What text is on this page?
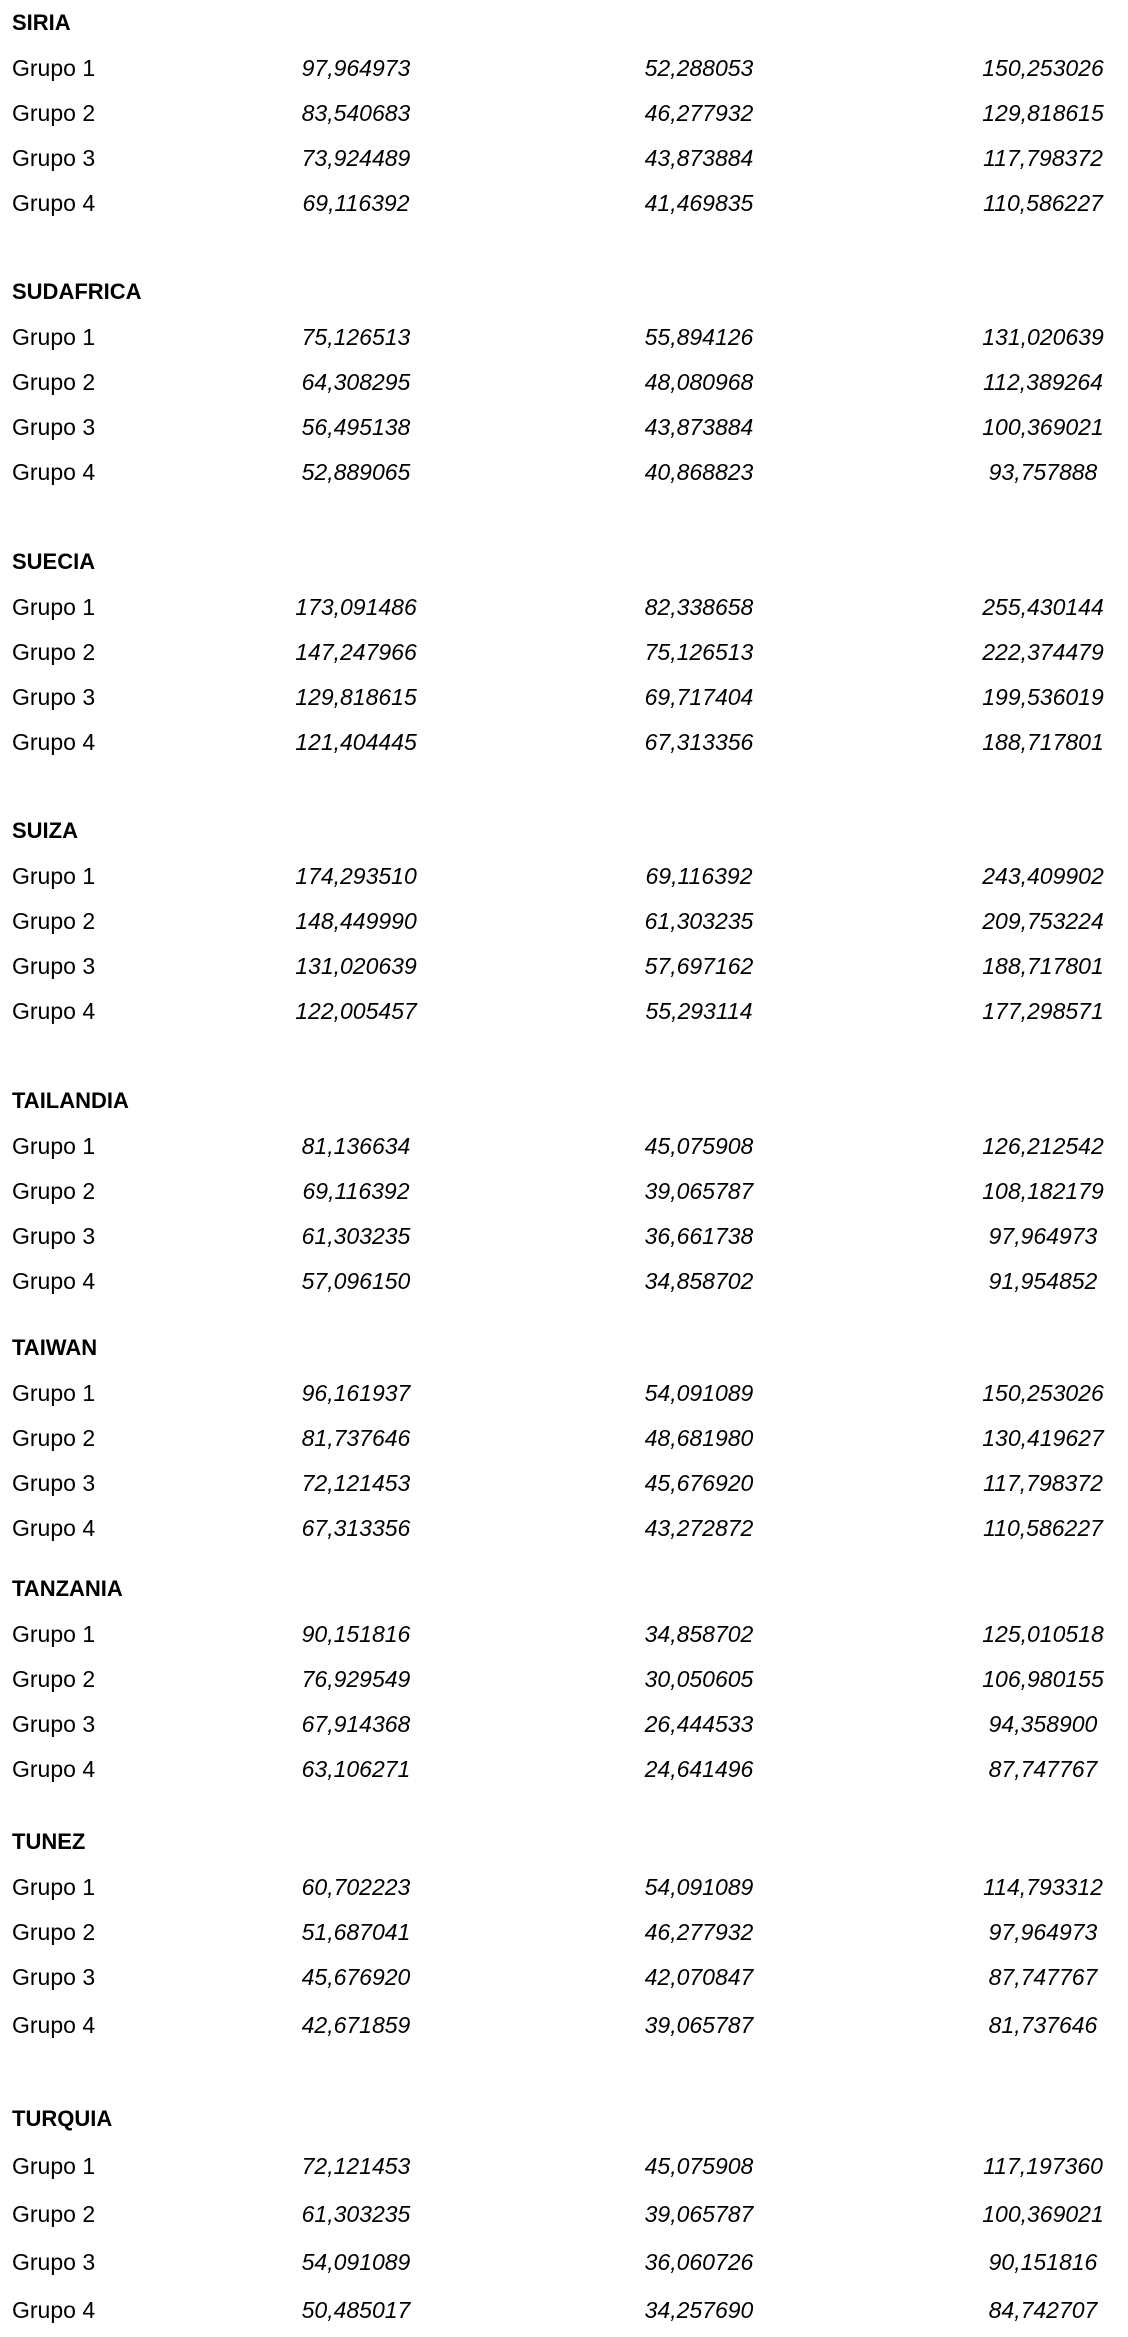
SIRIA
Grupo 1	97,964973	52,288053	150,253026
Grupo 2	83,540683	46,277932	129,818615
Grupo 3	73,924489	43,873884	117,798372
Grupo 4	69,116392	41,469835	110,586227
SUDAFRICA
Grupo 1	75,126513	55,894126	131,020639
Grupo 2	64,308295	48,080968	112,389264
Grupo 3	56,495138	43,873884	100,369021
Grupo 4	52,889065	40,868823	93,757888
SUECIA
Grupo 1	173,091486	82,338658	255,430144
Grupo 2	147,247966	75,126513	222,374479
Grupo 3	129,818615	69,717404	199,536019
Grupo 4	121,404445	67,313356	188,717801
SUIZA
Grupo 1	174,293510	69,116392	243,409902
Grupo 2	148,449990	61,303235	209,753224
Grupo 3	131,020639	57,697162	188,717801
Grupo 4	122,005457	55,293114	177,298571
TAILANDIA
Grupo 1	81,136634	45,075908	126,212542
Grupo 2	69,116392	39,065787	108,182179
Grupo 3	61,303235	36,661738	97,964973
Grupo 4	57,096150	34,858702	91,954852
TAIWAN
Grupo 1	96,161937	54,091089	150,253026
Grupo 2	81,737646	48,681980	130,419627
Grupo 3	72,121453	45,676920	117,798372
Grupo 4	67,313356	43,272872	110,586227
TANZANIA
Grupo 1	90,151816	34,858702	125,010518
Grupo 2	76,929549	30,050605	106,980155
Grupo 3	67,914368	26,444533	94,358900
Grupo 4	63,106271	24,641496	87,747767
TUNEZ
Grupo 1	60,702223	54,091089	114,793312
Grupo 2	51,687041	46,277932	97,964973
Grupo 3	45,676920	42,070847	87,747767
Grupo 4	42,671859	39,065787	81,737646
TURQUIA
Grupo 1	72,121453	45,075908	117,197360
Grupo 2	61,303235	39,065787	100,369021
Grupo 3	54,091089	36,060726	90,151816
Grupo 4	50,485017	34,257690	84,742707
